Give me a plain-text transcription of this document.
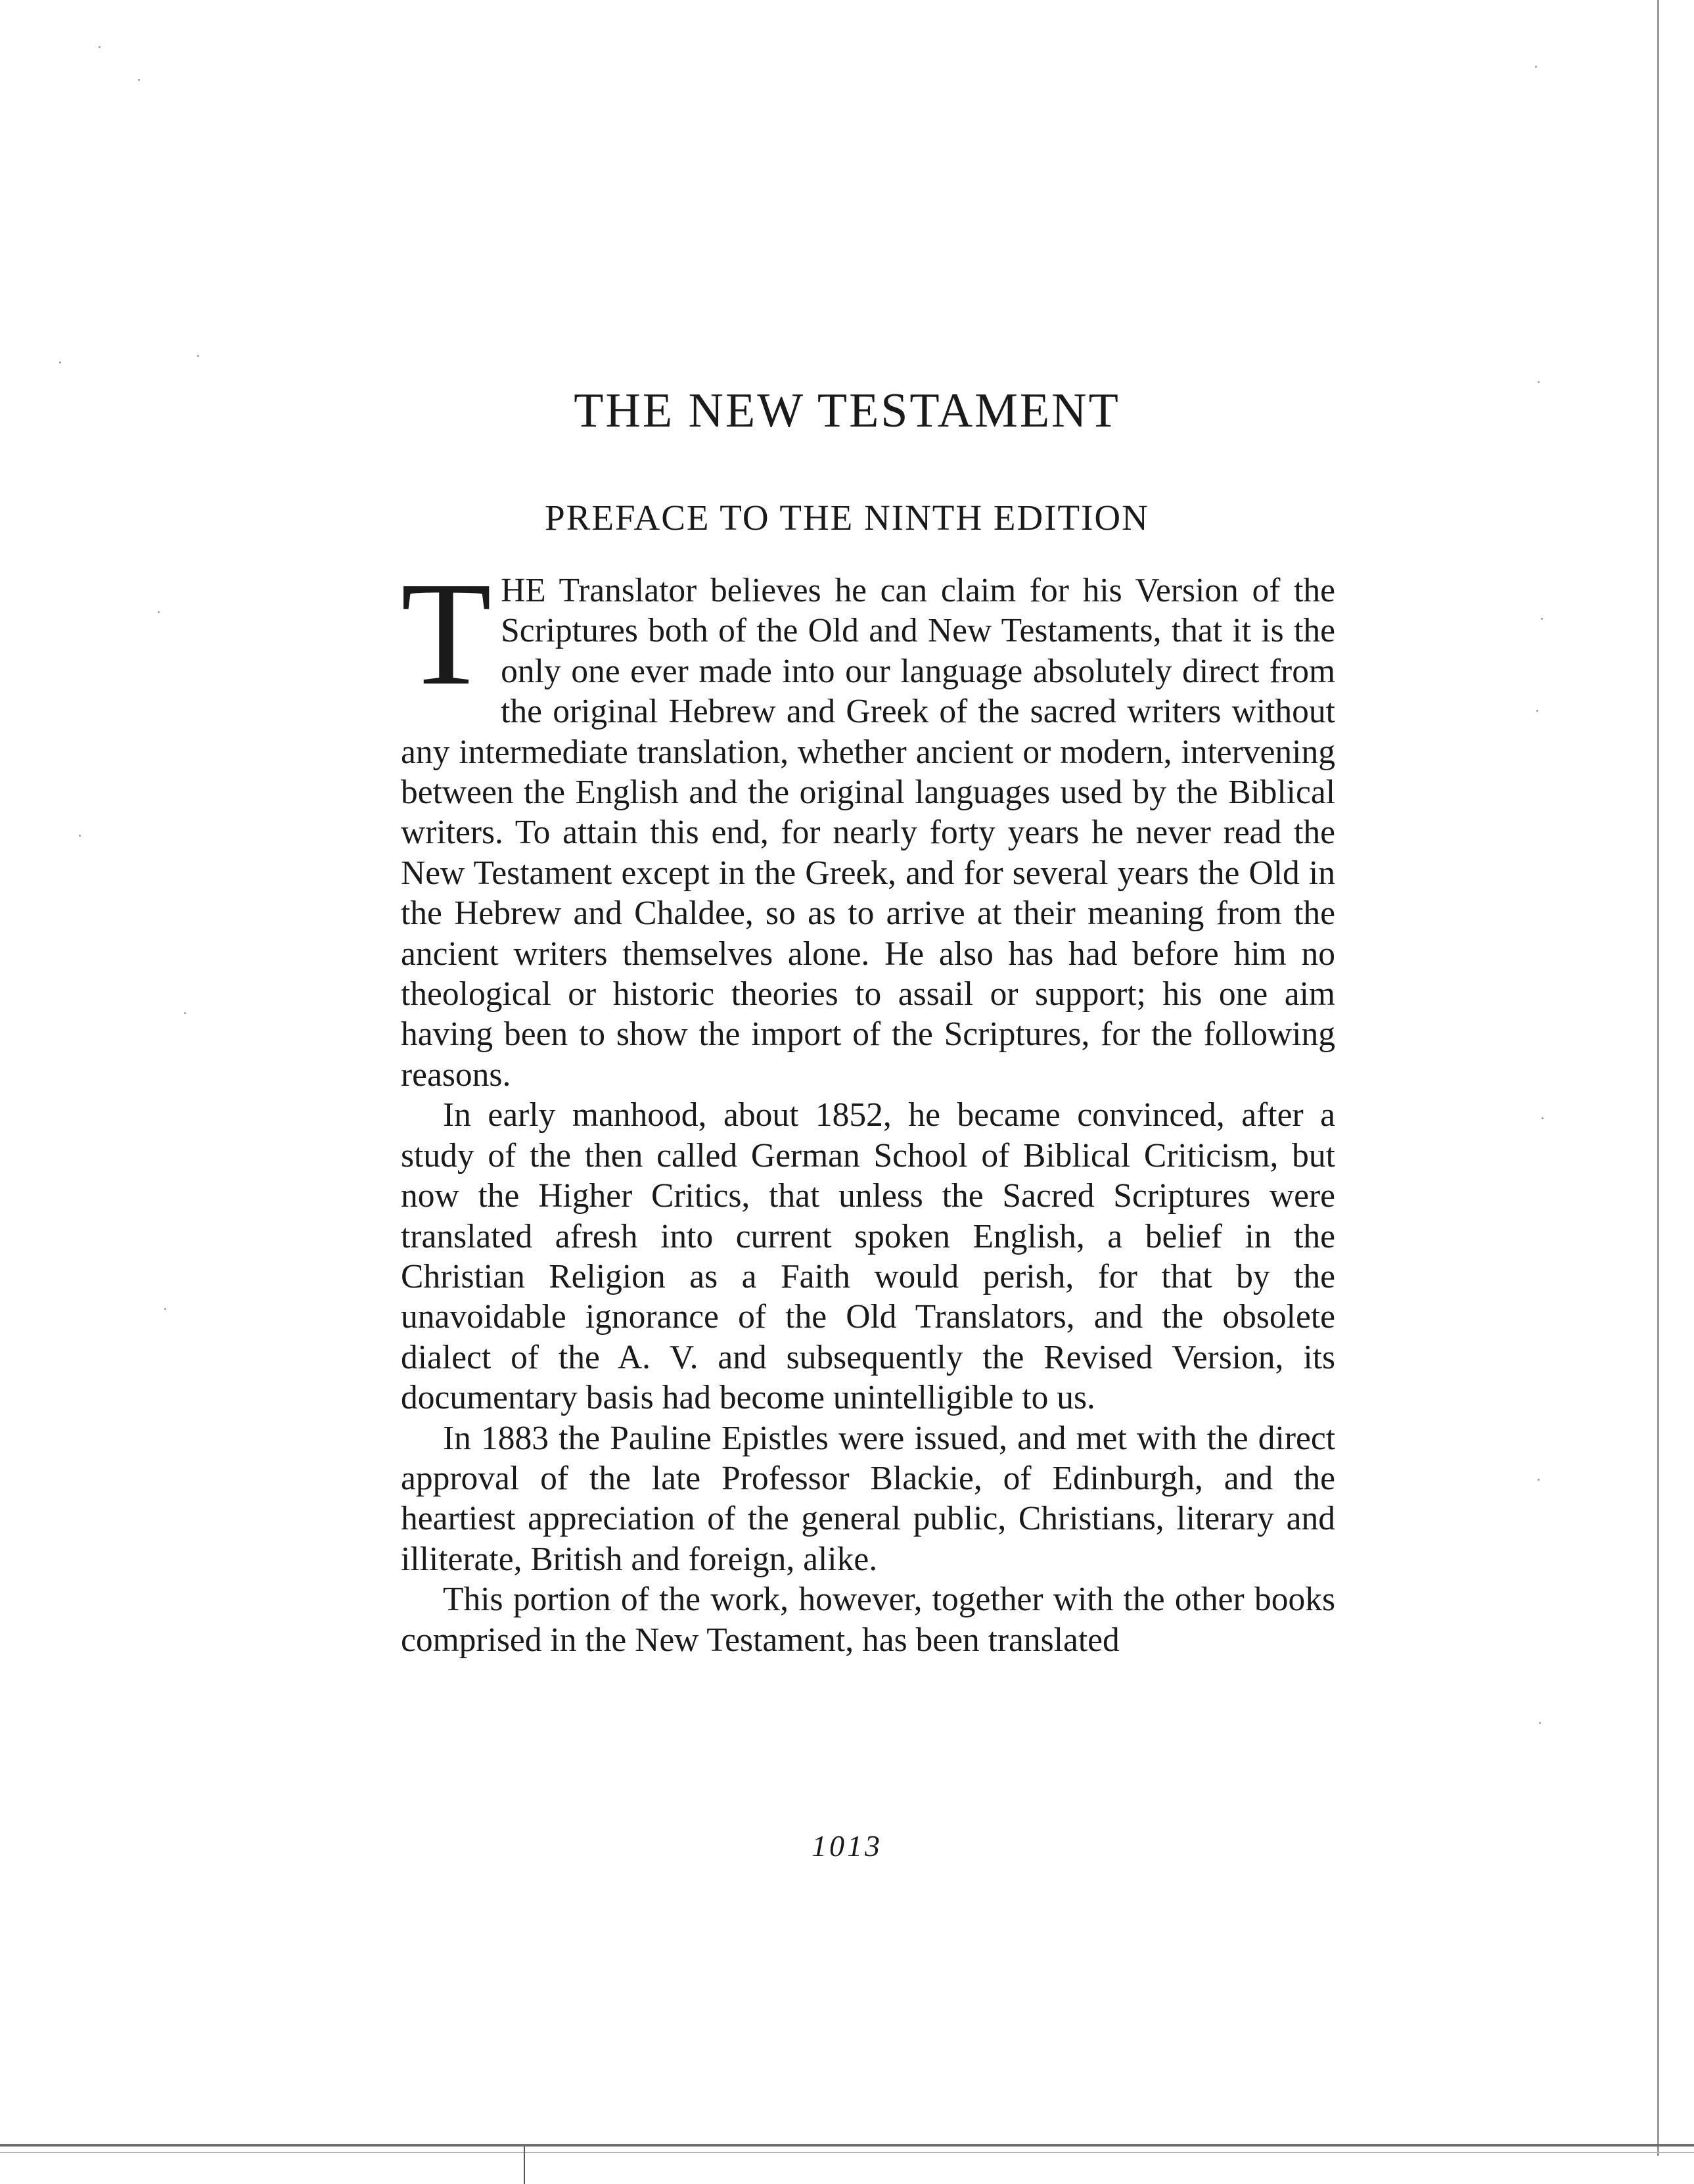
THE NEW TESTAMENT
PREFACE TO THE NINTH EDITION

THE Translator believes he can claim for his Version of the Scriptures both of the Old and New Testaments, that it is the only one ever made into our language absolutely direct from the original Hebrew and Greek of the sacred writers without any intermediate translation, whether ancient or modern, intervening between the English and the original languages used by the Biblical writers. To attain this end, for nearly forty years he never read the New Testament except in the Greek, and for several years the Old in the Hebrew and Chaldee, so as to arrive at their meaning from the ancient writers themselves alone. He also has had before him no theological or historic theories to assail or support; his one aim having been to show the import of the Scriptures, for the following reasons.

In early manhood, about 1852, he became convinced, after a study of the then called German School of Biblical Criticism, but now the Higher Critics, that unless the Sacred Scriptures were translated afresh into current spoken English, a belief in the Christian Religion as a Faith would perish, for that by the unavoidable ignorance of the Old Translators, and the obsolete dialect of the A. V. and subsequently the Revised Version, its documentary basis had become unintelligible to us.

In 1883 the Pauline Epistles were issued, and met with the direct approval of the late Professor Blackie, of Edinburgh, and the heartiest appreciation of the general public, Christians, literary and illiterate, British and foreign, alike.

This portion of the work, however, together with the other books comprised in the New Testament, has been translated

1013
